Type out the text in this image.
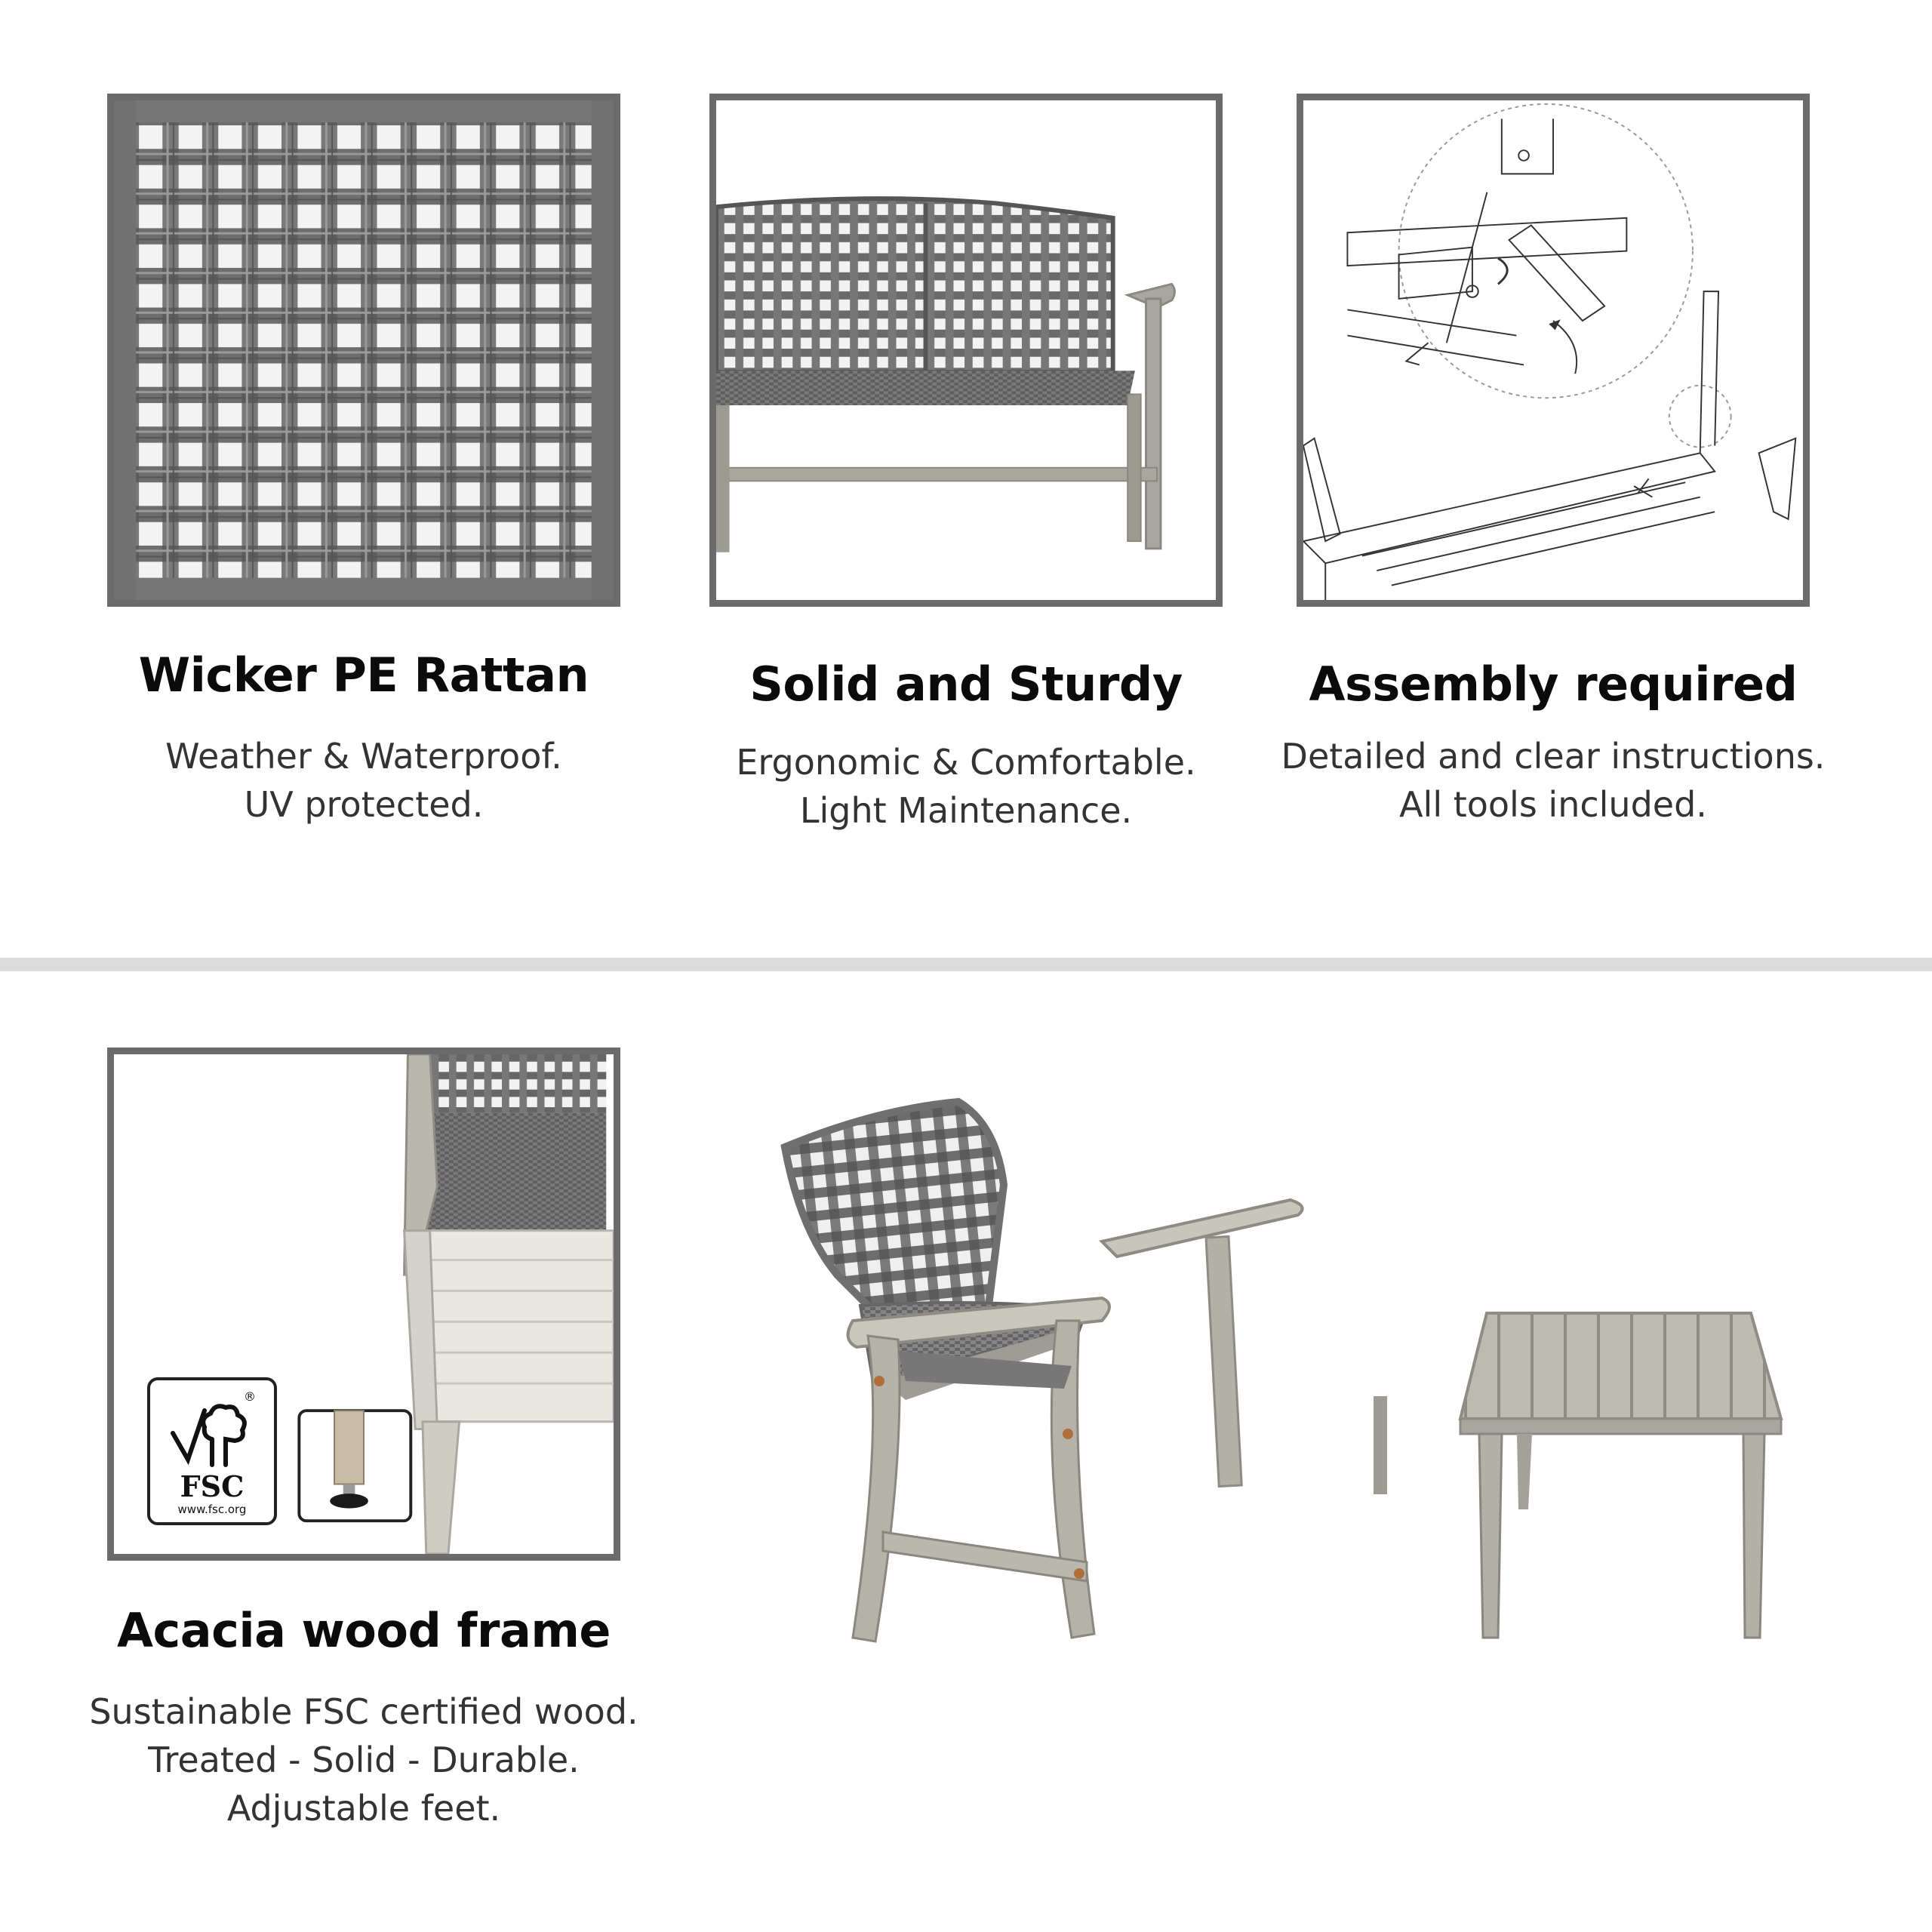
Wicker PE Rattan
Weather & Waterproof.
UV protected.
Solid and Sturdy
Ergonomic & Comfortable.
Light Maintenance.
Assembly required
Detailed and clear instructions.
All tools included.
®
FSC
www.fsc.org
Acacia wood frame
Sustainable FSC certified wood.
Treated - Solid - Durable.
Adjustable feet.
